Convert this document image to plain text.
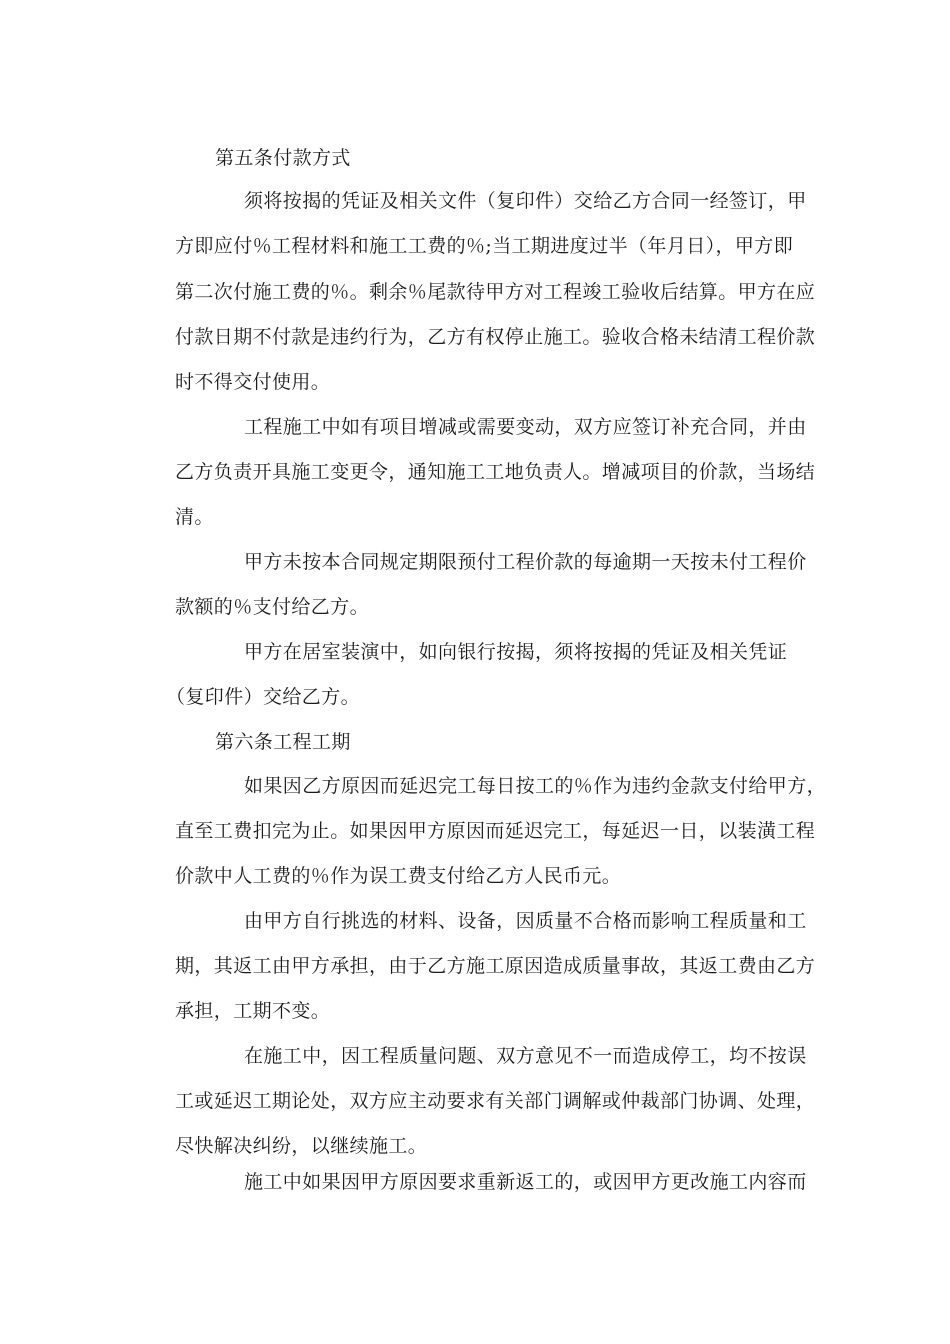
第五条付款方式
须将按揭的凭证及相关文件（复印件）交给乙方合同一经签订，甲
方即应付％工程材料和施工工费的％;当工期进度过半（年月日），甲方即
第二次付施工费的％。剩余％尾款待甲方对工程竣工验收后结算。甲方在应
付款日期不付款是违约行为，乙方有权停止施工。验收合格未结清工程价款
时不得交付使用。
工程施工中如有项目增减或需要变动，双方应签订补充合同，并由
乙方负责开具施工变更令，通知施工工地负责人。增减项目的价款，当场结
清。
甲方未按本合同规定期限预付工程价款的每逾期一天按未付工程价
款额的％支付给乙方。
甲方在居室装演中，如向银行按揭，须将按揭的凭证及相关凭证
（复印件）交给乙方。
第六条工程工期
如果因乙方原因而延迟完工每日按工的％作为违约金款支付给甲方，
直至工费扣完为止。如果因甲方原因而延迟完工，每延迟一日，以装潢工程
价款中人工费的％作为误工费支付给乙方人民币元。
由甲方自行挑选的材料、设备，因质量不合格而影响工程质量和工
期，其返工由甲方承担，由于乙方施工原因造成质量事故，其返工费由乙方
承担，工期不变。
在施工中，因工程质量问题、双方意见不一而造成停工，均不按误
工或延迟工期论处，双方应主动要求有关部门调解或仲裁部门协调、处理，
尽快解决纠纷，以继续施工。
施工中如果因甲方原因要求重新返工的，或因甲方更改施工内容而
